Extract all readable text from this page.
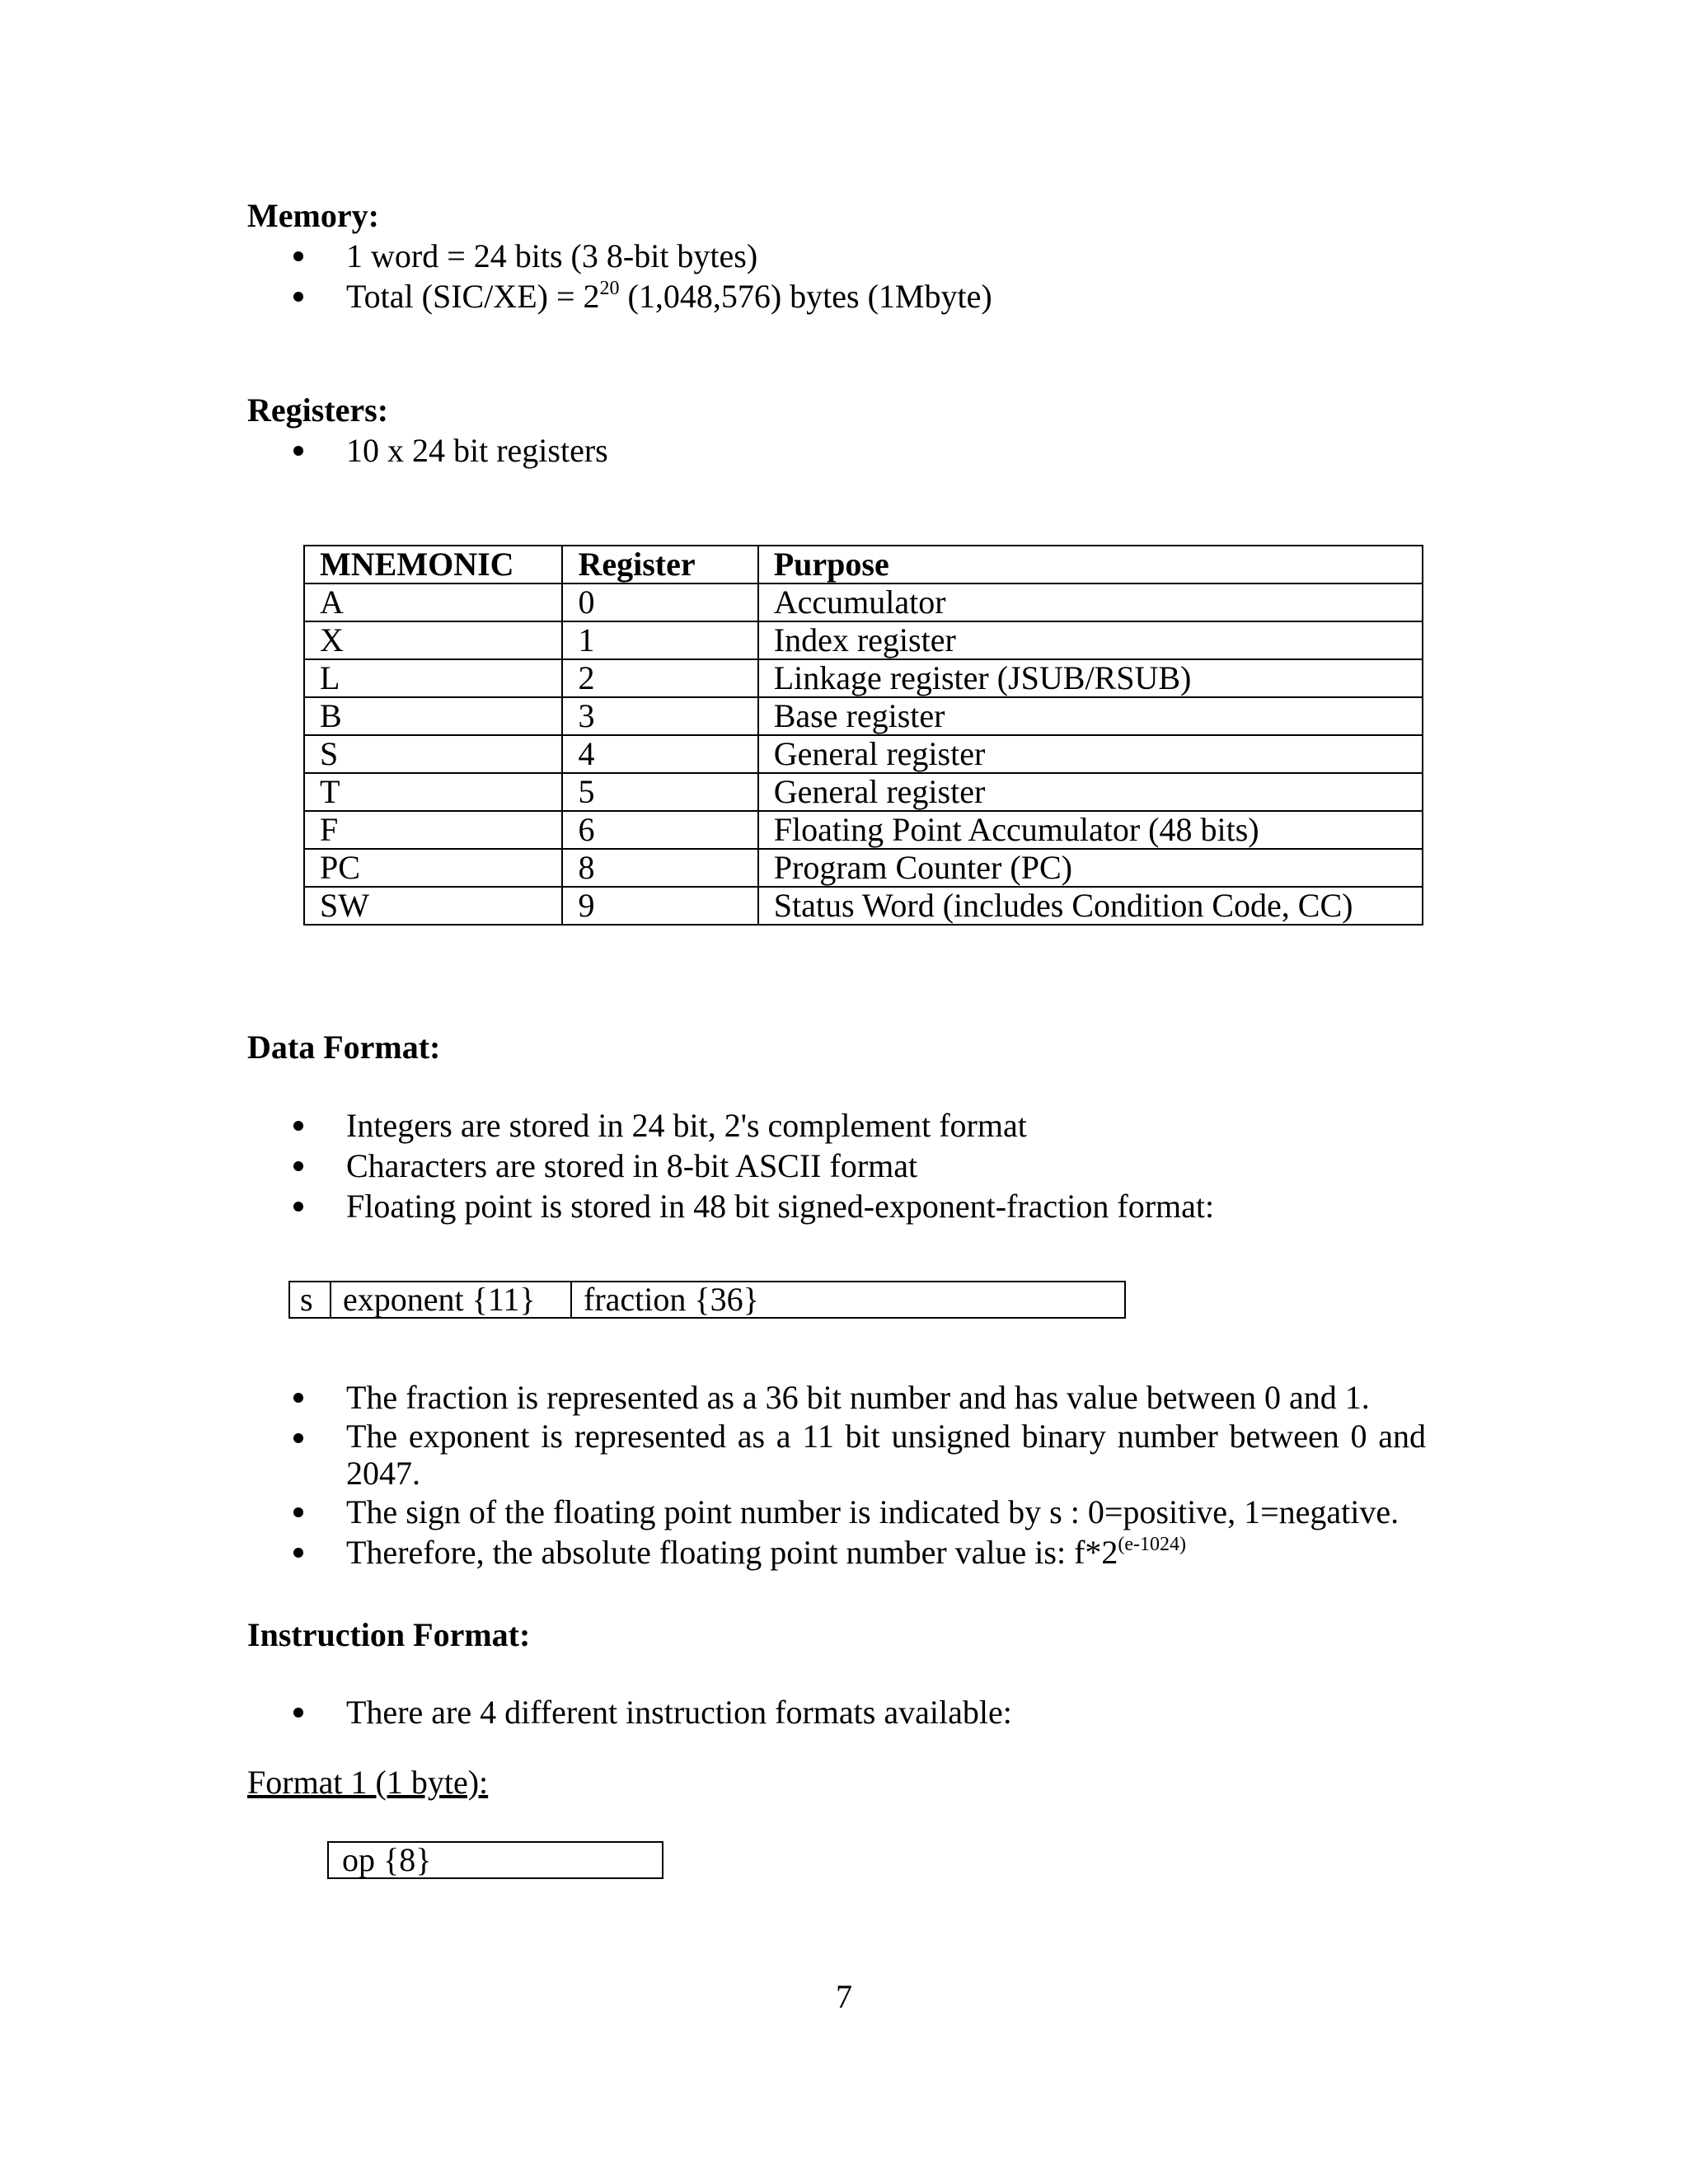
Memory:
1 word = 24 bits (3 8-bit bytes)
Total $(SIC/XE) = 2^{20}$ (1,048,576) bytes (1Mbyte)
Registers:
10 x 24 bit registers
MNEMONIC	Register	Purpose
A	0	Accumulator
X	1	Index register
L	2	Linkage register (JSUB/RSUB)
B	3	Base register
S	4	General register
T	5	General register
F	6	Floating Point Accumulator (48 bits)
PC	8	Program Counter (PC)
SW	9	Status Word (includes Condition Code, CC)
Data Format:
Integers are stored in 24 bit, 2's complement format
Characters are stored in 8-bit ASCII format
Floating point is stored in 48 bit signed-exponent-fraction format:
s exponent {11}	fraction {36}
The fraction is represented as a 36 bit number and has value between 0 and 1.
The exponent is represented as a 11 bit unsigned binary number between 0 and 2047.
The sign of the floating point number is indicated by s : 0=positive, 1=negative.
Therefore, the absolute floating point number value is: $f*2^{(e-1024)}$
Instruction Format:
There are 4 different instruction formats available:

Format 1 (1 byte):

op {8}
7
